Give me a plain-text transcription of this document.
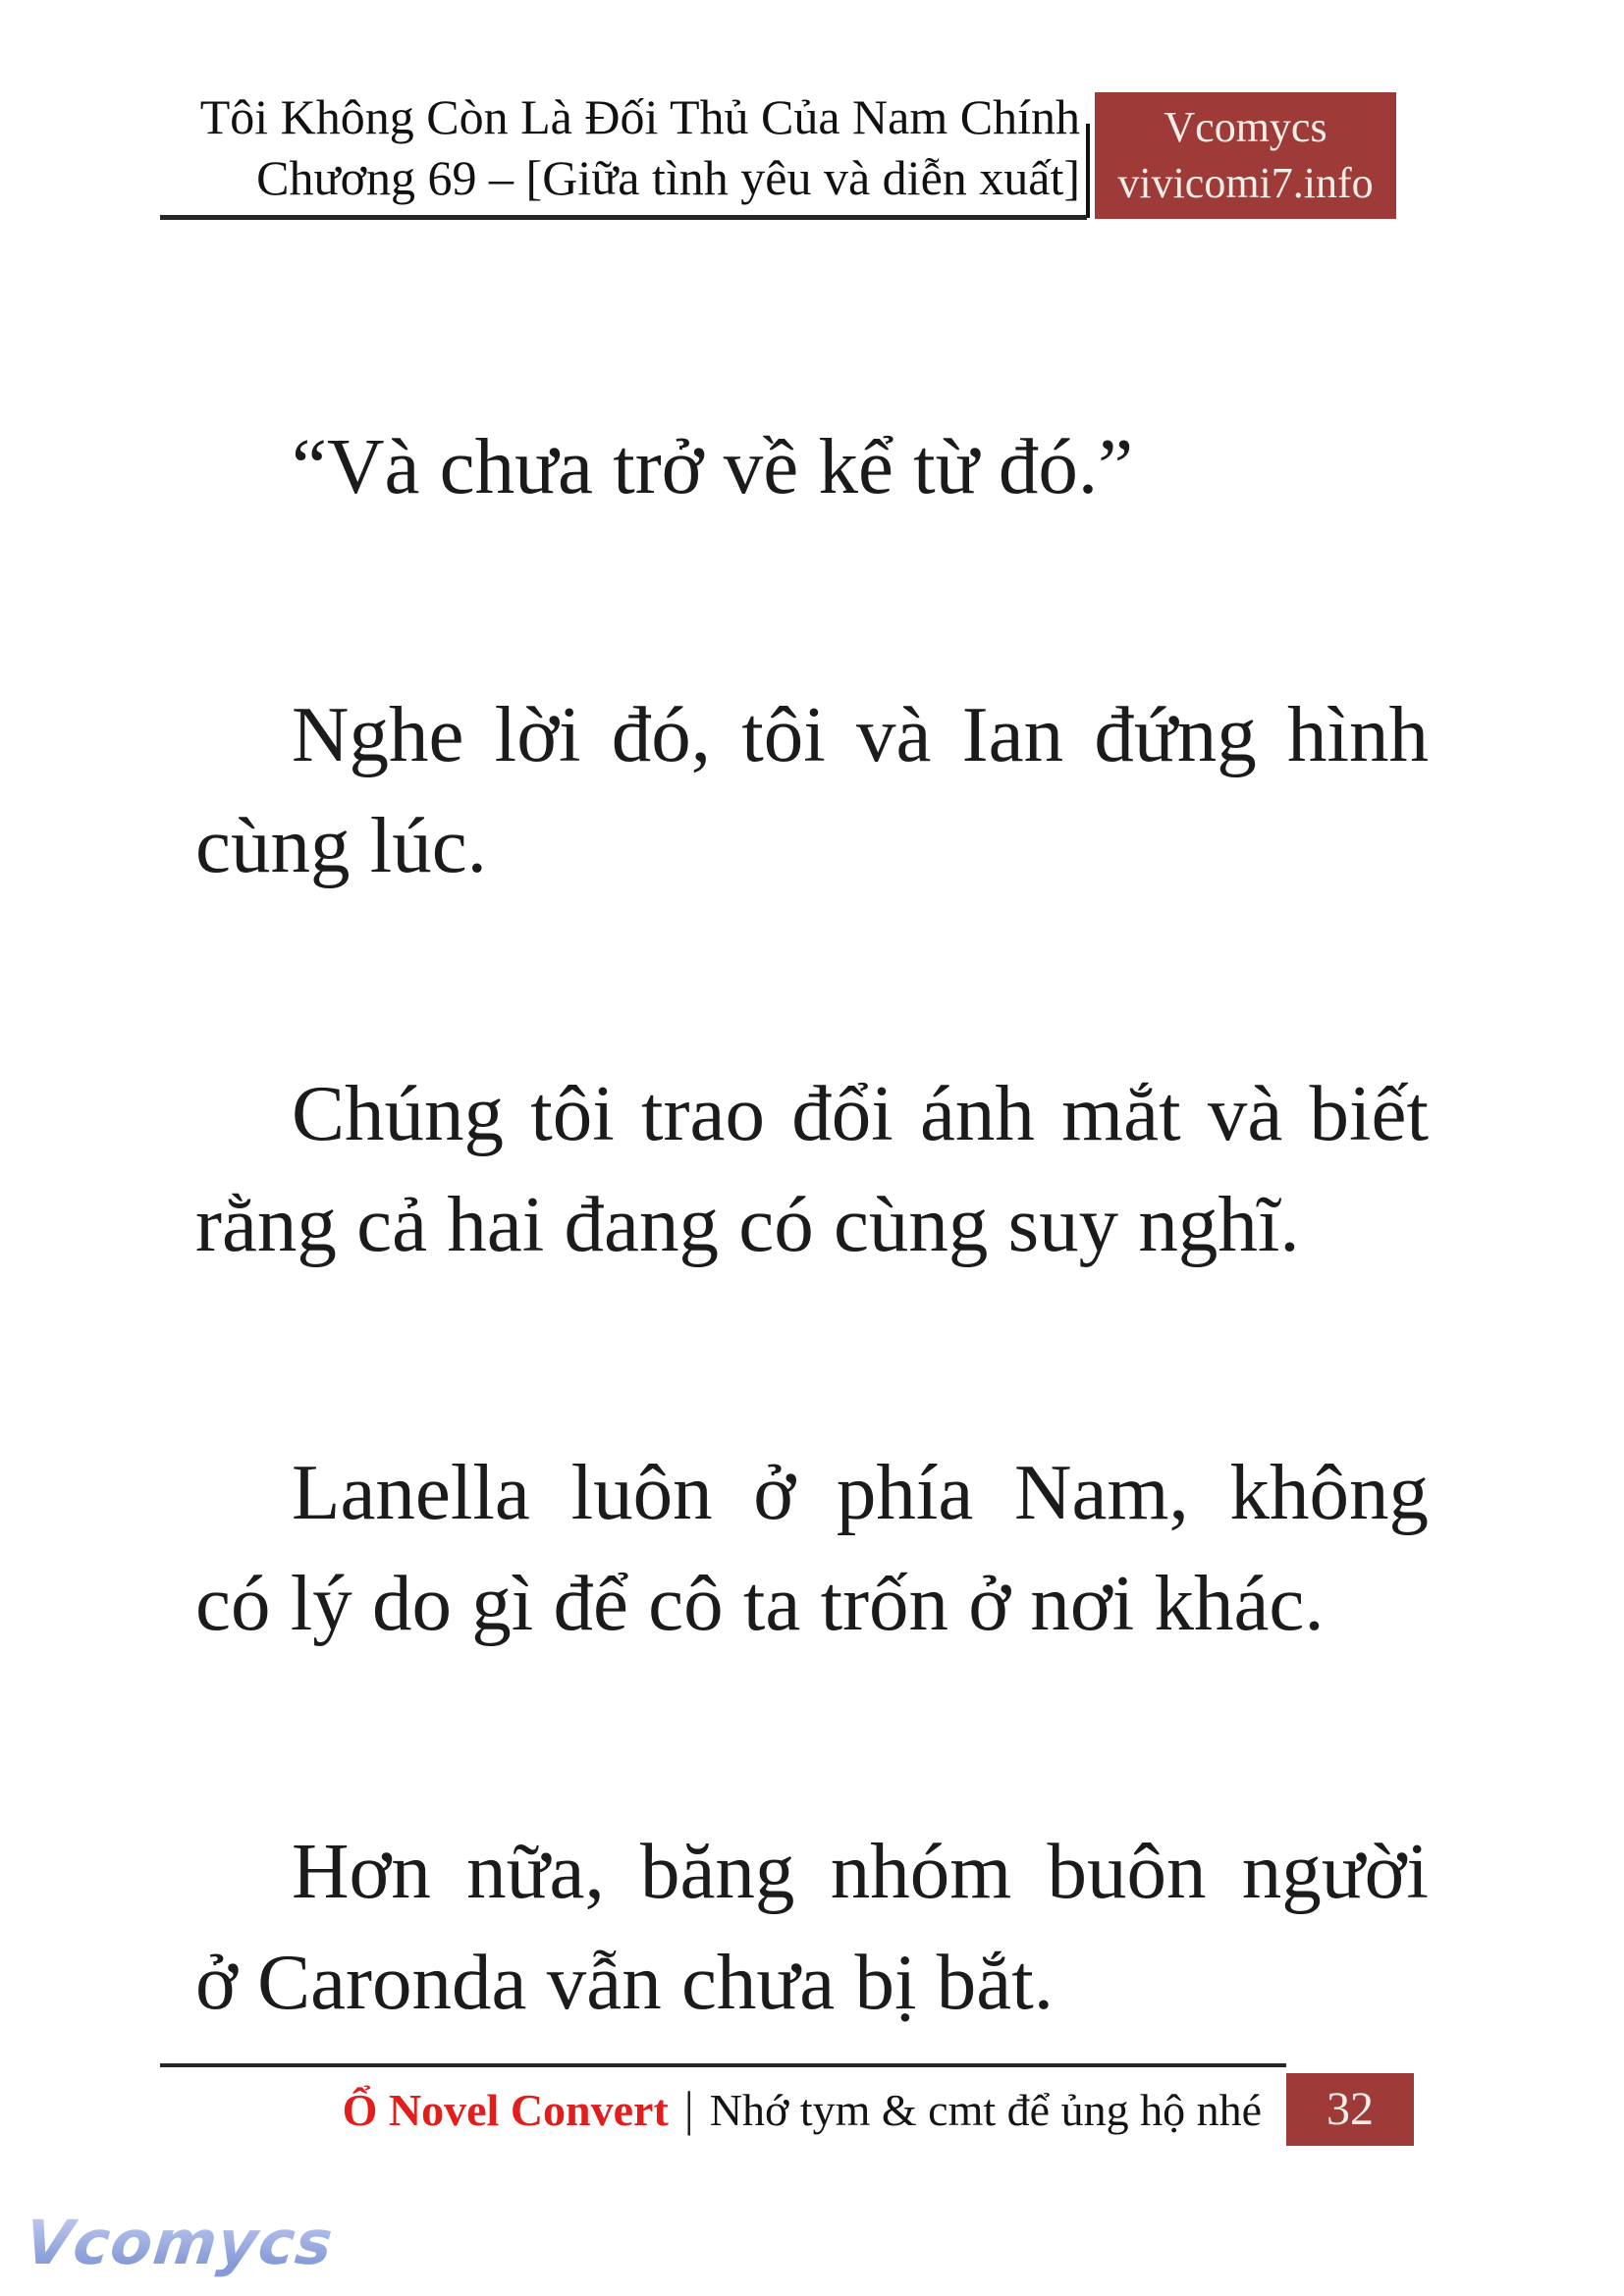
Tôi Không Còn Là Đối Thủ Của Nam Chính
Chương 69 – [Giữa tình yêu và diễn xuất]
Vcomycs
vivicomi7.info
“Và chưa trở về kể từ đó.”
Nghe lời đó, tôi và Ian đứng hình
cùng lúc.
Chúng tôi trao đổi ánh mắt và biết
rằng cả hai đang có cùng suy nghĩ.
Lanella luôn ở phía Nam, không
có lý do gì để cô ta trốn ở nơi khác.
Hơn nữa, băng nhóm buôn người
ở Caronda vẫn chưa bị bắt.
Ổ Novel Convert | Nhớ tym & cmt để ủng hộ nhé	32
Vcomycs
